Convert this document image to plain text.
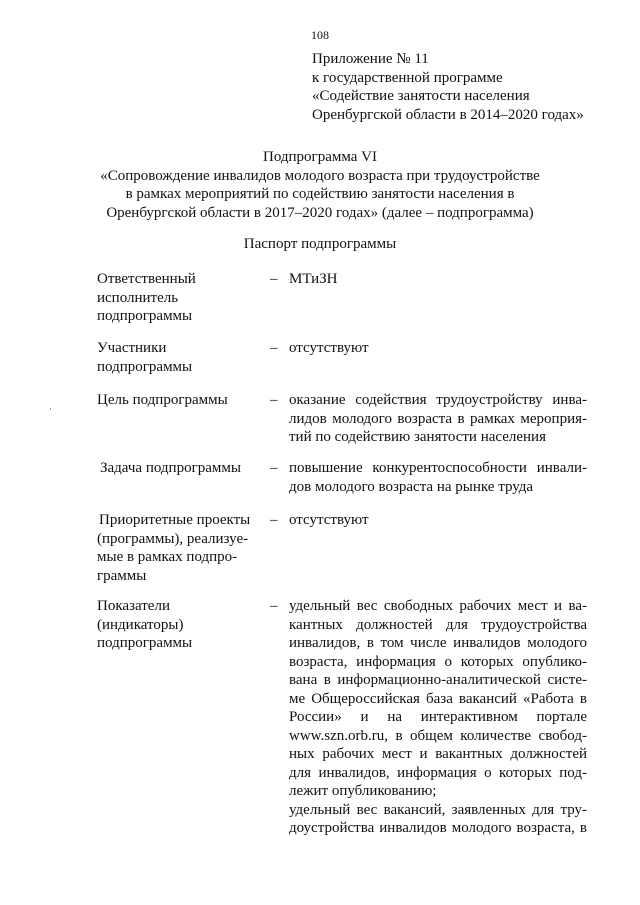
108
Приложение № 11
к государственной программе
«Содействие занятости населения
Оренбургской области в 2014–2020 годах»
Подпрограмма VI
«Сопровождение инвалидов молодого возраста при трудоустройстве
в рамках мероприятий по содействию занятости населения в
Оренбургской области в 2017–2020 годах» (далее – подпрограмма)
Паспорт подпрограммы
Ответственный
исполнитель
подпрограммы
– МТиЗН
Участники
подпрограммы
– отсутствуют
Цель подпрограммы	– оказание содействия трудоустройству инва-
лидов молодого возраста в рамках мероприя-
тий по содействию занятости населения
Задача подпрограммы	– повышение конкурентоспособности инвали-
дов молодого возраста на рынке труда
Приоритетные проекты
(программы), реализуе-
мые в рамках подпро-
граммы
– отсутствуют
Показатели
(индикаторы)
подпрограммы
– удельный вес свободных рабочих мест и ва-
кантных должностей для трудоустройства
инвалидов, в том числе инвалидов молодого
возраста, информация о которых опублико-
вана в информационно-аналитической систе-
ме Общероссийская база вакансий «Работа в
России» и на интерактивном портале
www.szn.orb.ru, в общем количестве свобод-
ных рабочих мест и вакантных должностей
для инвалидов, информация о которых под-
лежит опубликованию;
удельный вес вакансий, заявленных для тру-
доустройства инвалидов молодого возраста, в
